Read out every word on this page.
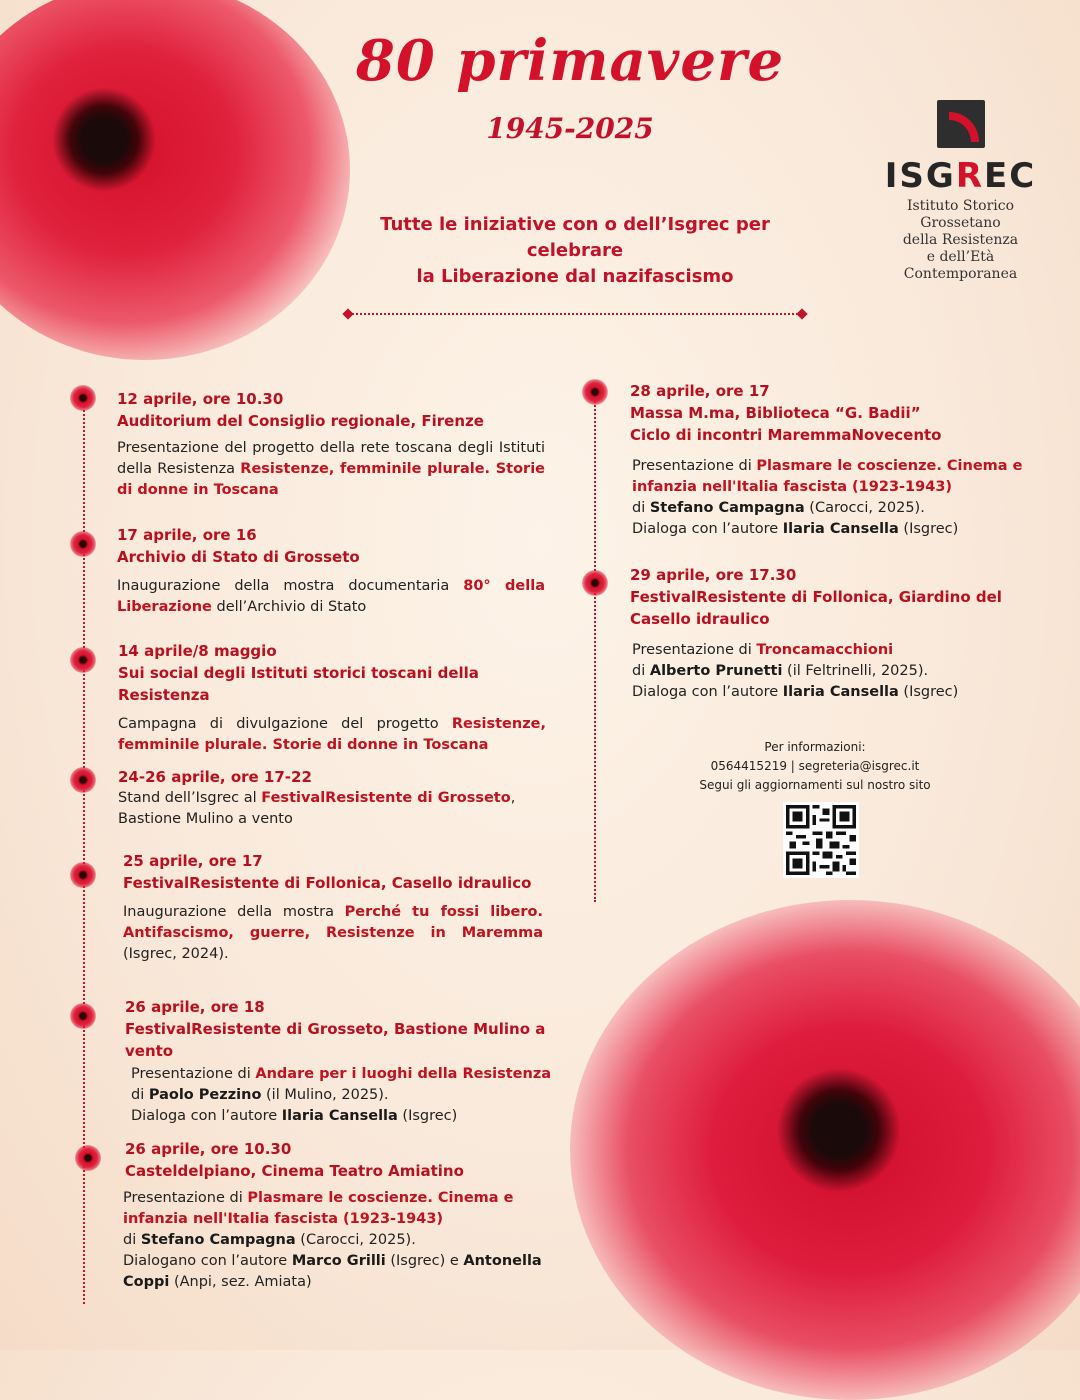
80 primavere
1945-2025
Tutte le iniziative con o dell’Isgrec per celebrare
la Liberazione dal nazifascismo
ISGREC
Istituto Storico Grossetano
della Resistenza
e dell’Età Contemporanea
12 aprile, ore 10.30
Auditorium del Consiglio regionale, Firenze
Presentazione del progetto della rete toscana degli Istituti della Resistenza Resistenze, femminile plurale. Storie di donne in Toscana
17 aprile, ore 16
Archivio di Stato di Grosseto
Inaugurazione della mostra documentaria 80° della Liberazione dell’Archivio di Stato
14 aprile/8 maggio
Sui social degli Istituti storici toscani della Resistenza
Campagna di divulgazione del progetto Resistenze, femminile plurale. Storie di donne in Toscana
24-26 aprile, ore 17-22
Stand dell’Isgrec al FestivalResistente di Grosseto, Bastione Mulino a vento
25 aprile, ore 17
FestivalResistente di Follonica, Casello idraulico
Inaugurazione della mostra Perché tu fossi libero. Antifascismo, guerre, Resistenze in Maremma (Isgrec, 2024).
26 aprile, ore 18
FestivalResistente di Grosseto, Bastione Mulino a vento
Presentazione di Andare per i luoghi della Resistenza
di Paolo Pezzino (il Mulino, 2025).
Dialoga con l’autore Ilaria Cansella (Isgrec)
26 aprile, ore 10.30
Casteldelpiano, Cinema Teatro Amiatino
Presentazione di Plasmare le coscienze. Cinema e infanzia nell'Italia fascista (1923-1943)
di Stefano Campagna (Carocci, 2025).
Dialogano con l’autore Marco Grilli (Isgrec) e Antonella Coppi (Anpi, sez. Amiata)
28 aprile, ore 17
Massa M.ma, Biblioteca “G. Badii”
Ciclo di incontri MaremmaNovecento
Presentazione di Plasmare le coscienze. Cinema e infanzia nell'Italia fascista (1923-1943)
di Stefano Campagna (Carocci, 2025).
Dialoga con l’autore Ilaria Cansella (Isgrec)
29 aprile, ore 17.30
FestivalResistente di Follonica, Giardino del Casello idraulico
Presentazione di Troncamacchioni
di Alberto Prunetti (il Feltrinelli, 2025).
Dialoga con l’autore Ilaria Cansella (Isgrec)
Per informazioni:
0564415219 | segreteria@isgrec.it
Segui gli aggiornamenti sul nostro sito
